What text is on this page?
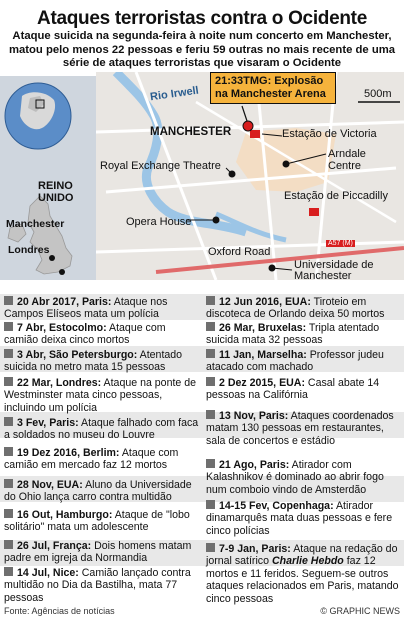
Ataques terroristas contra o Ocidente
Ataque suicida na segunda-feira à noite num concerto em Manchester, matou pelo menos 22 pessoas e feriu 59 outras no mais recente de uma série de ataques terroristas que visaram o Ocidente
REINO UNIDO
Manchester
Londres
Rio Irwell	500m
MANCHESTER	Estação de Victoria
Arndale Centre
Royal Exchange Theatre
Estação de Piccadilly
Opera House
Oxford Road
Universidade de Manchester
A57 (M)
21:33TMG: Explosão na Manchester Arena
20 Abr 2017, Paris: Ataque nos Campos Elíseos mata um polícia
7 Abr, Estocolmo: Ataque com camião deixa cinco mortos
3 Abr, São Petersburgo: Atentado suicida no metro mata 15 pessoas
22 Mar, Londres: Ataque na ponte de Westminster mata cinco pessoas, incluindo um polícia
3 Fev, Paris: Ataque falhado com faca a soldados no museu do Louvre
19 Dez 2016, Berlim: Ataque com camião em mercado faz 12 mortos
28 Nov, EUA: Aluno da Universidade do Ohio lança carro contra multidão
16 Out, Hamburgo: Ataque de "lobo solitário" mata um adolescente
26 Jul, França: Dois homens matam padre em igreja da Normandia
14 Jul, Nice: Camião lançado contra multidão no Dia da Bastilha, mata 77 pessoas
12 Jun 2016, EUA: Tiroteio em discoteca de Orlando deixa 50 mortos
26 Mar, Bruxelas: Tripla atentado suicida mata 32 pessoas
11 Jan, Marselha: Professor judeu atacado com machado
2 Dez 2015, EUA: Casal abate 14 pessoas na Califórnia
13 Nov, Paris: Ataques coordenados matam 130 pessoas em restaurantes, sala de concertos e estádio
21 Ago, Paris: Atirador com Kalashnikov é dominado ao abrir fogo num comboio vindo de Amsterdão
14-15 Fev, Copenhaga: Atirador dinamarquês mata duas pessoas e fere cinco polícias
7-9 Jan, Paris: Ataque na redação do jornal satírico Charlie Hebdo faz 12 mortos e 11 feridos. Seguem-se outros ataques relacionados em Paris, matando cinco pessoas
Fonte: Agências de notícias	© GRAPHIC NEWS
